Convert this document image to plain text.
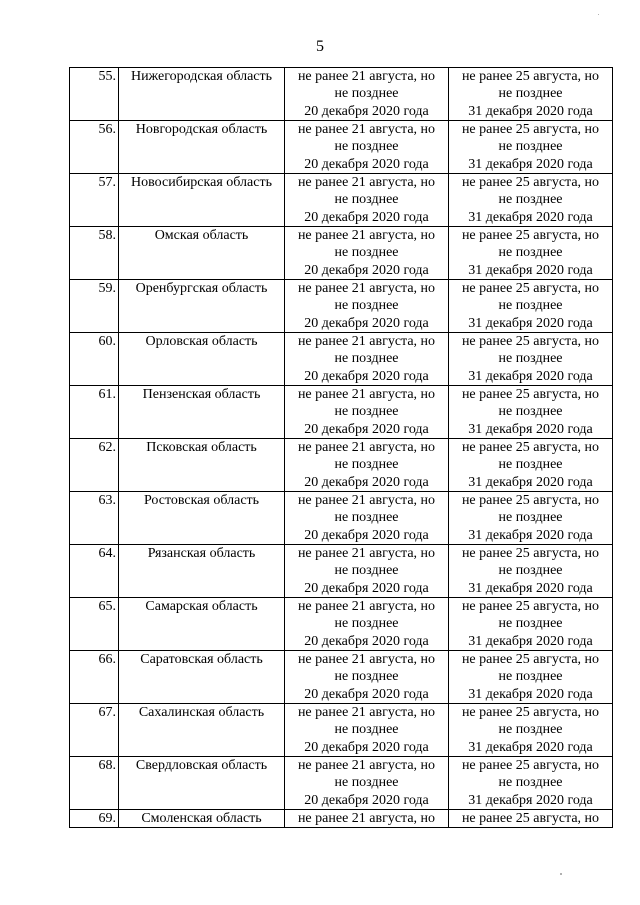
5
55.	Нижегородская область	не ранее 21 августа, но
не позднее
20 декабря 2020 года	не ранее 25 августа, но
не позднее
31 декабря 2020 года

56.	Новгородская область	не ранее 21 августа, но
не позднее
20 декабря 2020 года	не ранее 25 августа, но
не позднее
31 декабря 2020 года

57.	Новосибирская область	не ранее 21 августа, но
не позднее
20 декабря 2020 года	не ранее 25 августа, но
не позднее
31 декабря 2020 года

58.	Омская область	не ранее 21 августа, но
не позднее
20 декабря 2020 года	не ранее 25 августа, но
не позднее
31 декабря 2020 года

59.	Оренбургская область	не ранее 21 августа, но
не позднее
20 декабря 2020 года	не ранее 25 августа, но
не позднее
31 декабря 2020 года

60.	Орловская область	не ранее 21 августа, но
не позднее
20 декабря 2020 года	не ранее 25 августа, но
не позднее
31 декабря 2020 года

61.	Пензенская область	не ранее 21 августа, но
не позднее
20 декабря 2020 года	не ранее 25 августа, но
не позднее
31 декабря 2020 года

62.	Псковская область	не ранее 21 августа, но
не позднее
20 декабря 2020 года	не ранее 25 августа, но
не позднее
31 декабря 2020 года

63.	Ростовская область	не ранее 21 августа, но
не позднее
20 декабря 2020 года	не ранее 25 августа, но
не позднее
31 декабря 2020 года

64.	Рязанская область	не ранее 21 августа, но
не позднее
20 декабря 2020 года	не ранее 25 августа, но
не позднее
31 декабря 2020 года

65.	Самарская область	не ранее 21 августа, но
не позднее
20 декабря 2020 года	не ранее 25 августа, но
не позднее
31 декабря 2020 года

66.	Саратовская область	не ранее 21 августа, но
не позднее
20 декабря 2020 года	не ранее 25 августа, но
не позднее
31 декабря 2020 года

67.	Сахалинская область	не ранее 21 августа, но
не позднее
20 декабря 2020 года	не ранее 25 августа, но
не позднее
31 декабря 2020 года

68.	Свердловская область	не ранее 21 августа, но
не позднее
20 декабря 2020 года	не ранее 25 августа, но
не позднее
31 декабря 2020 года

69.	Смоленская область	не ранее 21 августа, но	не ранее 25 августа, но
